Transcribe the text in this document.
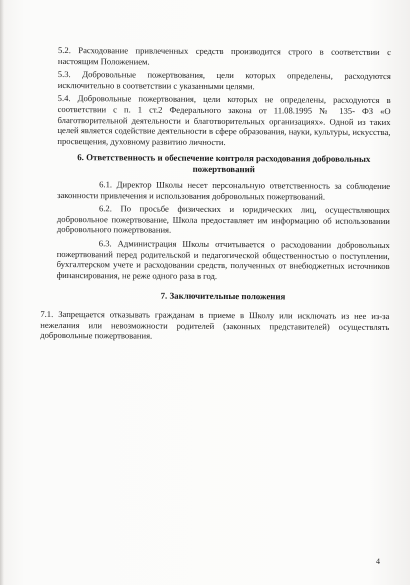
5.2. Расходование привлеченных средств производится строго в соответствии с настоящим Положением.

5.3. Добровольные пожертвования, цели которых определены, расходуются исключительно в соответствии с указанными целями.

5.4. Добровольные пожертвования, цели которых не определены, расходуются в соответствии с п. 1 ст.2 Федерального закона от 11.08.1995 № 135- ФЗ «О благотворительной деятельности и благотворительных организациях». Одной из таких целей является содействие деятельности в сфере образования, науки, культуры, искусства, просвещения, духовному развитию личности.

6. Ответственность и обеспечение контроля расходования добровольных пожертвований

6.1. Директор Школы несет персональную ответственность за соблюдение законности привлечения и использования добровольных пожертвований.

6.2. По просьбе физических и юридических лиц, осуществляющих добровольное пожертвование, Школа предоставляет им информацию об использовании добровольного пожертвования.

6.3. Администрация Школы отчитывается о расходовании добровольных пожертвований перед родительской и педагогической общественностью о поступлении, бухгалтерском учете и расходовании средств, полученных от внебюджетных источников финансирования, не реже одного раза в год.

7. Заключительные положения

7.1. Запрещается отказывать гражданам в приеме в Школу или исключать из нее из-за нежелания или невозможности родителей (законных представителей) осуществлять добровольные пожертвования.

4
